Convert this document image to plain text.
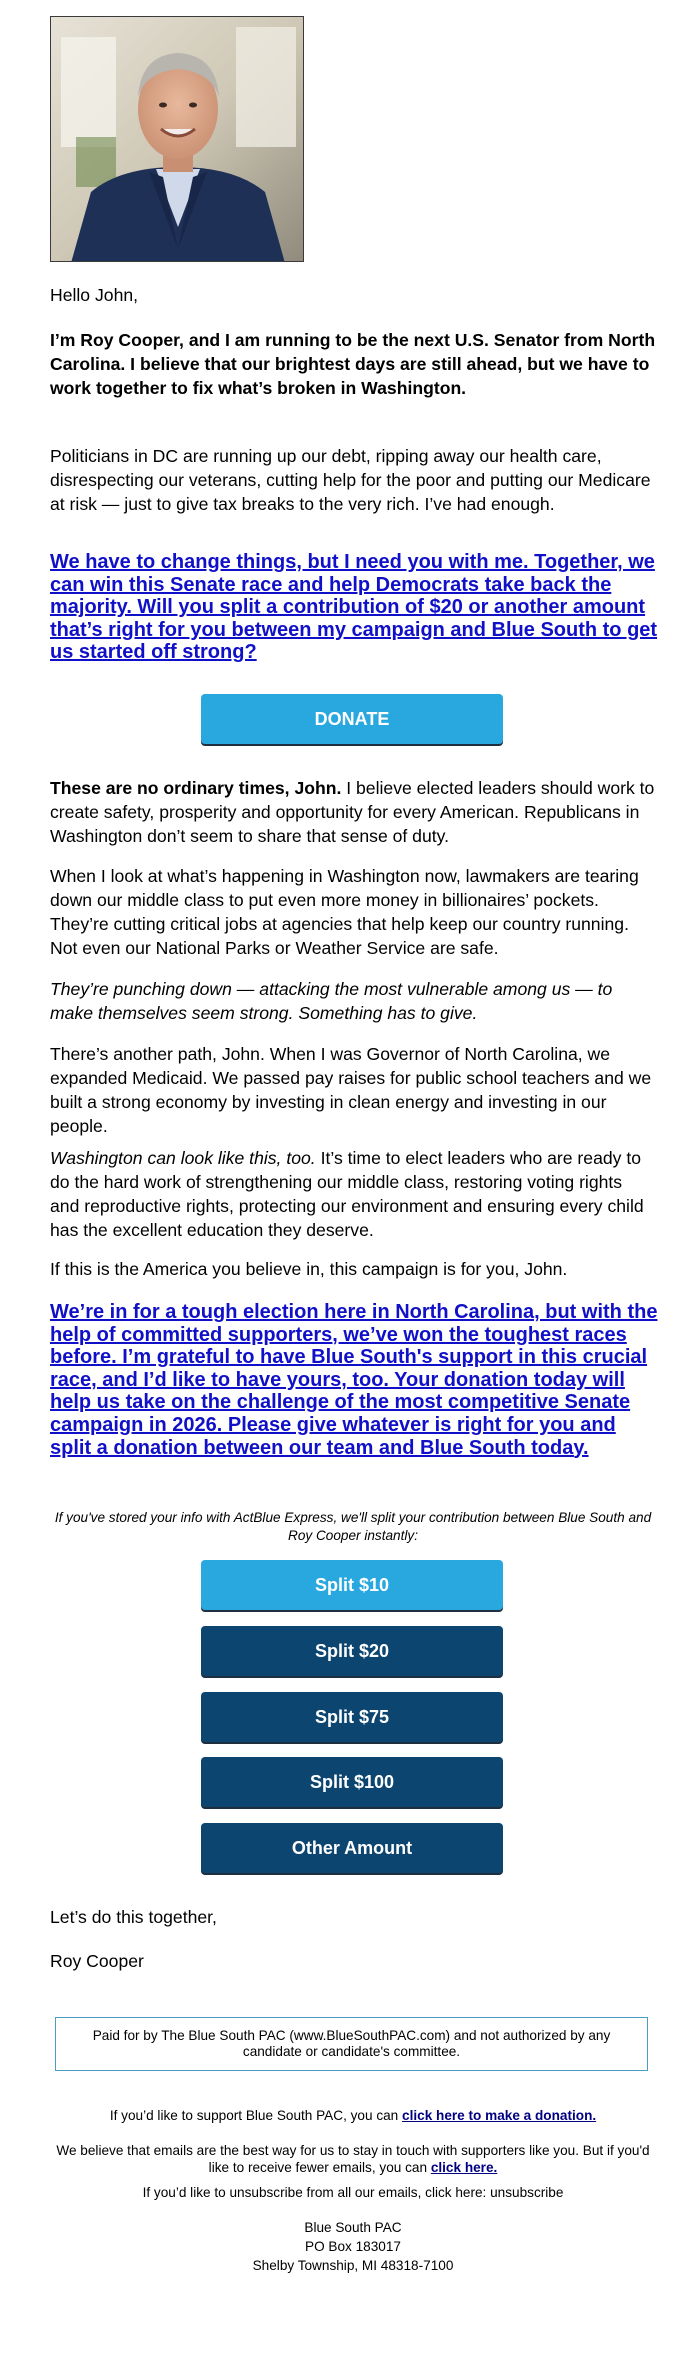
Hello John,

I’m Roy Cooper, and I am running to be the next U.S. Senator from North Carolina. I believe that our brightest days are still ahead, but we have to work together to fix what’s broken in Washington.

Politicians in DC are running up our debt, ripping away our health care, disrespecting our veterans, cutting help for the poor and putting our Medicare at risk — just to give tax breaks to the very rich. I’ve had enough.

We have to change things, but I need you with me. Together, we can win this Senate race and help Democrats take back the majority. Will you split a contribution of $20 or another amount that’s right for you between my campaign and Blue South to get us started off strong?
DONATE

These are no ordinary times, John. I believe elected leaders should work to create safety, prosperity and opportunity for every American. Republicans in Washington don’t seem to share that sense of duty.

When I look at what’s happening in Washington now, lawmakers are tearing down our middle class to put even more money in billionaires’ pockets. They’re cutting critical jobs at agencies that help keep our country running. Not even our National Parks or Weather Service are safe.

They’re punching down — attacking the most vulnerable among us — to make themselves seem strong. Something has to give.

There’s another path, John. When I was Governor of North Carolina, we expanded Medicaid. We passed pay raises for public school teachers and we built a strong economy by investing in clean energy and investing in our people.

Washington can look like this, too. It’s time to elect leaders who are ready to do the hard work of strengthening our middle class, restoring voting rights and reproductive rights, protecting our environment and ensuring every child has the excellent education they deserve.

If this is the America you believe in, this campaign is for you, John.

We’re in for a tough election here in North Carolina, but with the help of committed supporters, we’ve won the toughest races before. I’m grateful to have Blue South's support in this crucial race, and I’d like to have yours, too. Your donation today will help us take on the challenge of the most competitive Senate campaign in 2026. Please give whatever is right for you and split a donation between our team and Blue South today.

If you've stored your info with ActBlue Express, we'll split your contribution between Blue South and Roy Cooper instantly:

Split $10
Split $20
Split $75
Split $100
Other Amount

Let’s do this together,

Roy Cooper

Paid for by The Blue South PAC (www.BlueSouthPAC.com) and not authorized by any candidate or candidate's committee.

If you’d like to support Blue South PAC, you can click here to make a donation.

We believe that emails are the best way for us to stay in touch with supporters like you. But if you'd like to receive fewer emails, you can click here.

If you’d like to unsubscribe from all our emails, click here: unsubscribe

Blue South PAC

PO Box 183017

Shelby Township, MI 48318-7100
